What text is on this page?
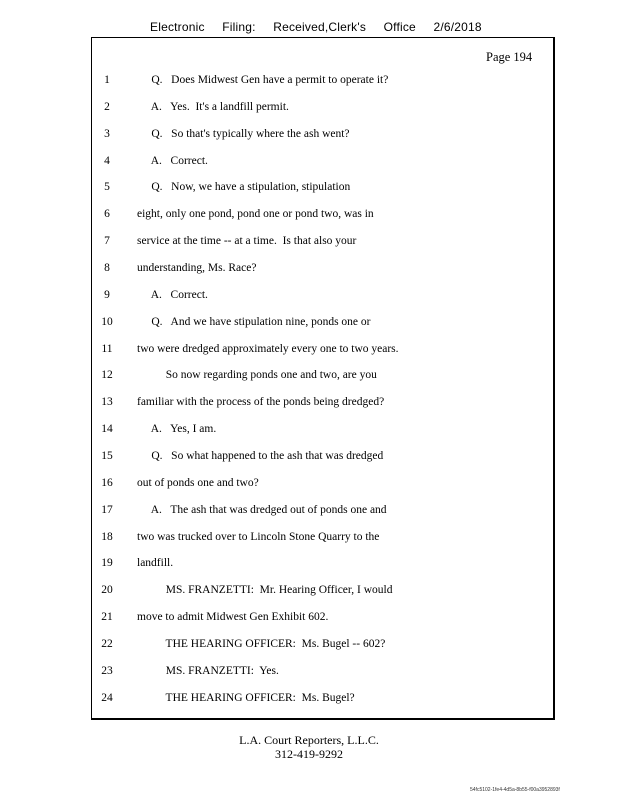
Electronic Filing: Received,Clerk's Office 2/6/2018
Page 194
1	Q.   Does Midwest Gen have a permit to operate it?
2	A.   Yes.  It's a landfill permit.
3	Q.   So that's typically where the ash went?
4	A.   Correct.
5	Q.   Now, we have a stipulation, stipulation
6	eight, only one pond, pond one or pond two, was in
7	service at the time -- at a time.  Is that also your
8	understanding, Ms. Race?
9	A.   Correct.
10	Q.   And we have stipulation nine, ponds one or
11	two were dredged approximately every one to two years.
12	So now regarding ponds one and two, are you
13	familiar with the process of the ponds being dredged?
14	A.   Yes, I am.
15	Q.   So what happened to the ash that was dredged
16	out of ponds one and two?
17	A.   The ash that was dredged out of ponds one and
18	two was trucked over to Lincoln Stone Quarry to the
19	landfill.
20	MS. FRANZETTI:  Mr. Hearing Officer, I would
21	move to admit Midwest Gen Exhibit 602.
22	THE HEARING OFFICER:  Ms. Bugel -- 602?
23	MS. FRANZETTI:  Yes.
24	THE HEARING OFFICER:  Ms. Bugel?
L.A. Court Reporters, L.L.C.
312-419-9292
54fc5102-1fe4-4d5a-8b55-f00a3952893f
